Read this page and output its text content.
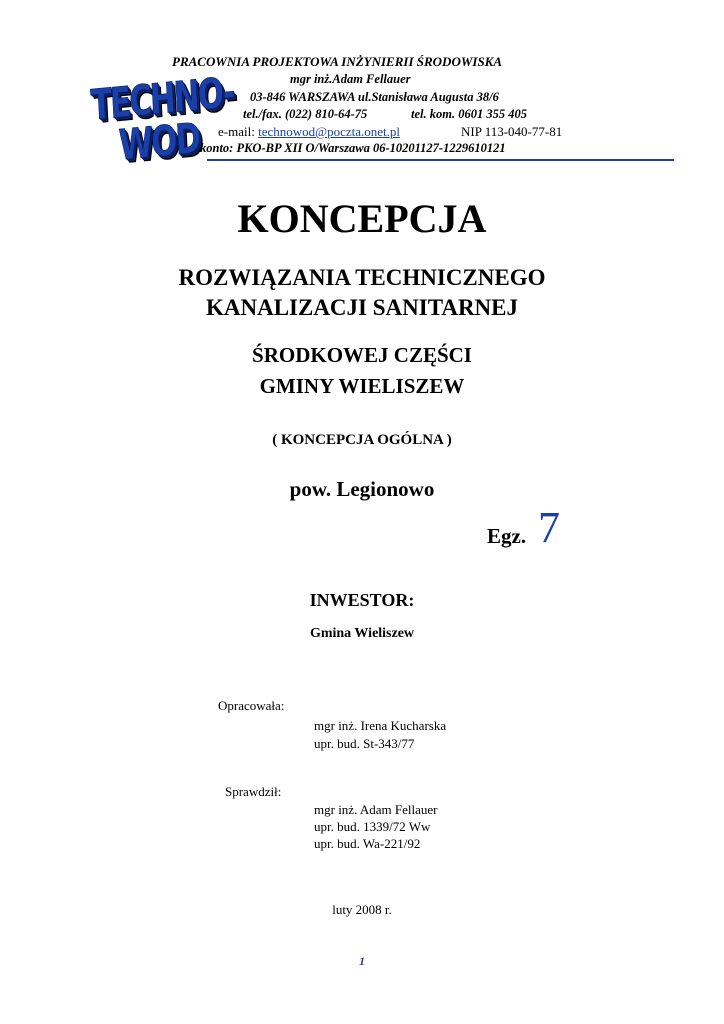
TECHNO-
WOD
PRACOWNIA PROJEKTOWA INŻYNIERII ŚRODOWISKA
mgr inż.Adam Fellauer
03-846 WARSZAWA ul.Stanisława Augusta 38/6
tel./fax. (022) 810-64-75	tel. kom. 0601 355 405
e-mail: technowod@poczta.onet.pl	NIP 113-040-77-81
konto: PKO-BP XII O/Warszawa 06-10201127-1229610121
KONCEPCJA
ROZWIĄZANIA TECHNICZNEGO
KANALIZACJI SANITARNEJ
ŚRODKOWEJ CZĘŚCI
GMINY WIELISZEW
( KONCEPCJA OGÓLNA )
pow. Legionowo
Egz. 7
INWESTOR:
Gmina Wieliszew
Opracowała:
mgr inż. Irena Kucharska
upr. bud. St-343/77
Sprawdził:
mgr inż. Adam Fellauer
upr. bud. 1339/72 Ww
upr. bud. Wa-221/92
luty 2008 r.
1
